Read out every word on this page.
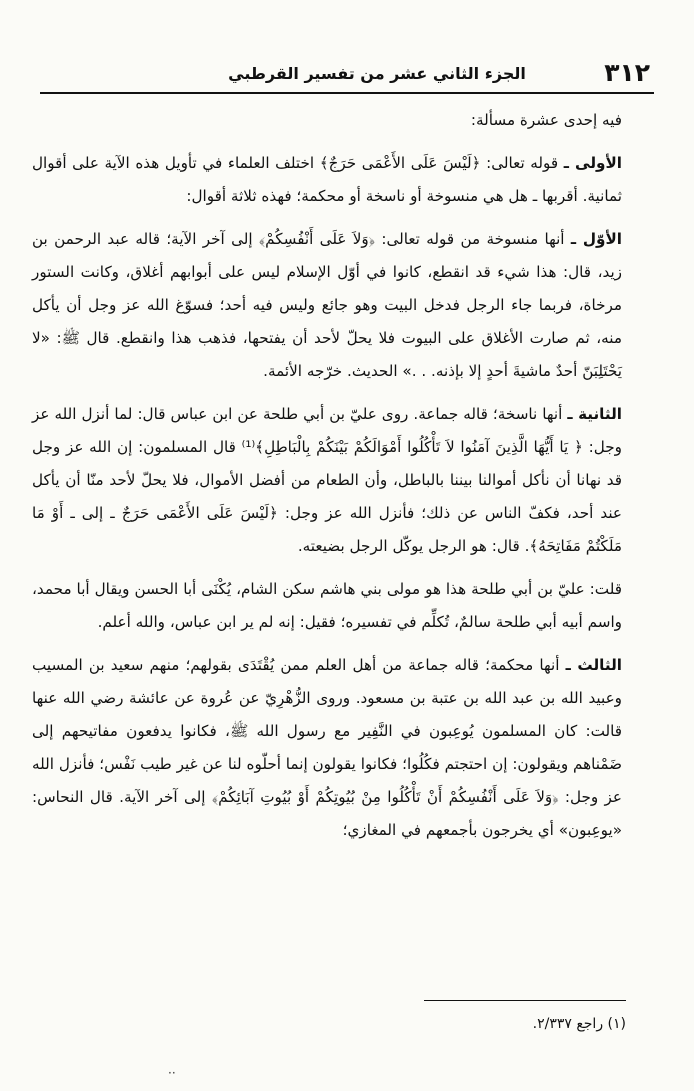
٣١٢
الجزء الثاني عشر من تفسير القرطبي

فيه إحدى عشرة مسألة:

الأولى ـ قوله تعالى: ﴿لَيْسَ عَلَى الأَعْمَى حَرَجٌ﴾ اختلف العلماء في تأويل هذه الآية على أقوال ثمانية. أقربها ـ هل هي منسوخة أو ناسخة أو محكمة؛ فهذه ثلاثة أقوال:

الأوّل ـ أنها منسوخة من قوله تعالى: ﴿وَلاَ عَلَى أَنْفُسِكُمْ﴾ إلى آخر الآية؛ قاله عبد الرحمن بن زيد، قال: هذا شيء قد انقطع، كانوا في أوّل الإسلام ليس على أبوابهم أغلاق، وكانت الستور مرخاة، فربما جاء الرجل فدخل البيت وهو جائع وليس فيه أحد؛ فسوّغ الله عز وجل أن يأكل منه، ثم صارت الأغلاق على البيوت فلا يحلّ لأحد أن يفتحها، فذهب هذا وانقطع. قال ﷺ: «لا يَحْتَلِبَنّ أحدٌ ماشيةَ أحدٍ إلا بإذنه. . .» الحديث. خرّجه الأئمة.

الثانية ـ أنها ناسخة؛ قاله جماعة. روى عليّ بن أبي طلحة عن ابن عباس قال: لما أنزل الله عز وجل: ﴿ يَا أَيُّهَا الَّذِينَ آمَنُوا لاَ تَأْكُلُوا أَمْوَالَكُمْ بَيْنَكُمْ بِالْبَاطِلِ﴾⁽¹⁾ قال المسلمون: إن الله عز وجل قد نهانا أن نأكل أموالنا بيننا بالباطل، وأن الطعام من أفضل الأموال، فلا يحلّ لأحد منّا أن يأكل عند أحد، فكفّ الناس عن ذلك؛ فأنزل الله عز وجل: ﴿لَيْسَ عَلَى الأَعْمَى حَرَجٌ ـ إلى ـ أَوْ مَا مَلَكْتُمْ مَفَاتِحَهُ﴾. قال: هو الرجل يوكّل الرجل بضيعته.

قلت: عليّ بن أبي طلحة هذا هو مولى بني هاشم سكن الشام، يُكْنَى أبا الحسن ويقال أبا محمد، واسم أبيه أبي طلحة سالمٌ، تُكلِّم في تفسيره؛ فقيل: إنه لم ير ابن عباس، والله أعلم.

الثالث ـ أنها محكمة؛ قاله جماعة من أهل العلم ممن يُقْتَدَى بقولهم؛ منهم سعيد بن المسيب وعبيد الله بن عبد الله بن عتبة بن مسعود. وروى الزُّهْرِيّ عن عُروة عن عائشة رضي الله عنها قالت: كان المسلمون يُوعِبون في النَّفِير مع رسول الله ﷺ، فكانوا يدفعون مفاتيحهم إلى ضَمْناهم ويقولون: إن احتجتم فكُلُوا؛ فكانوا يقولون إنما أحلّوه لنا عن غير طيب نَفْس؛ فأنزل الله عز وجل: ﴿وَلاَ عَلَى أَنْفُسِكُمْ أَنْ تَأْكُلُوا مِنْ بُيُوتِكُمْ أَوْ بُيُوتِ آبَائِكُمْ﴾ إلى آخر الآية. قال النحاس: «يوعِبون» أي يخرجون بأجمعهم في المغازي؛

(١) راجع ٢/٣٣٧.
··
